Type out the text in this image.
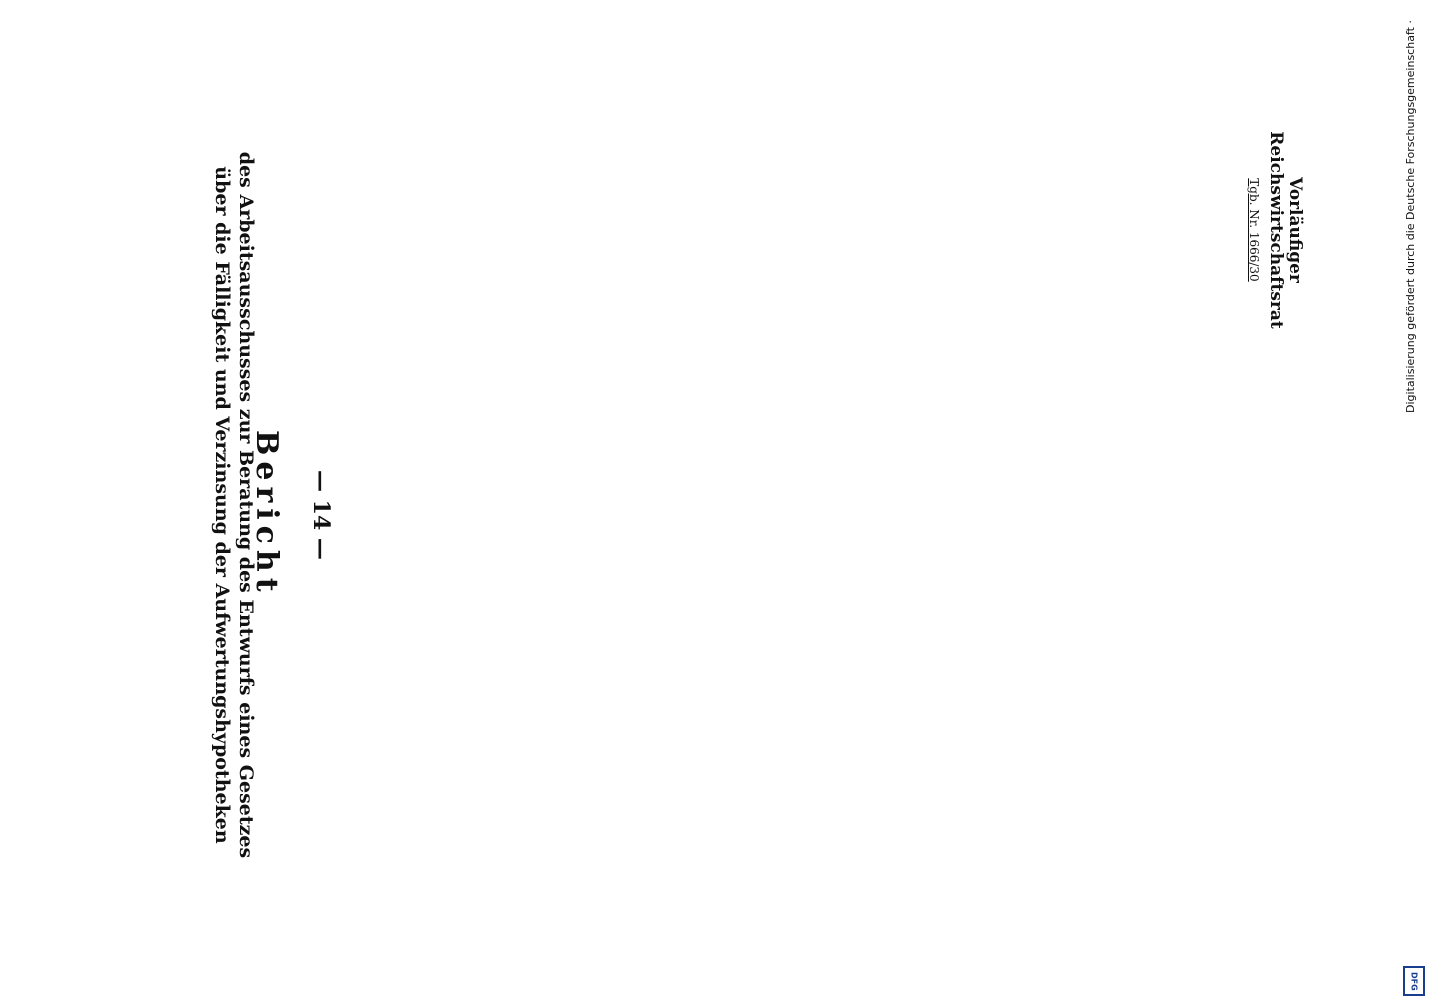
Vorläufiger
Reichswirtschaftsrat
Tgb. Nr. 1666/30
— 14 —
Bericht
des Arbeitsausschusses zur Beratung des Entwurfs eines Gesetzes über die Fälligkeit und Verzinsung der Aufwertungshypotheken	Digitalisierung gefördert durch die Deutsche Forschungsgemeinschaft ·
DFG
